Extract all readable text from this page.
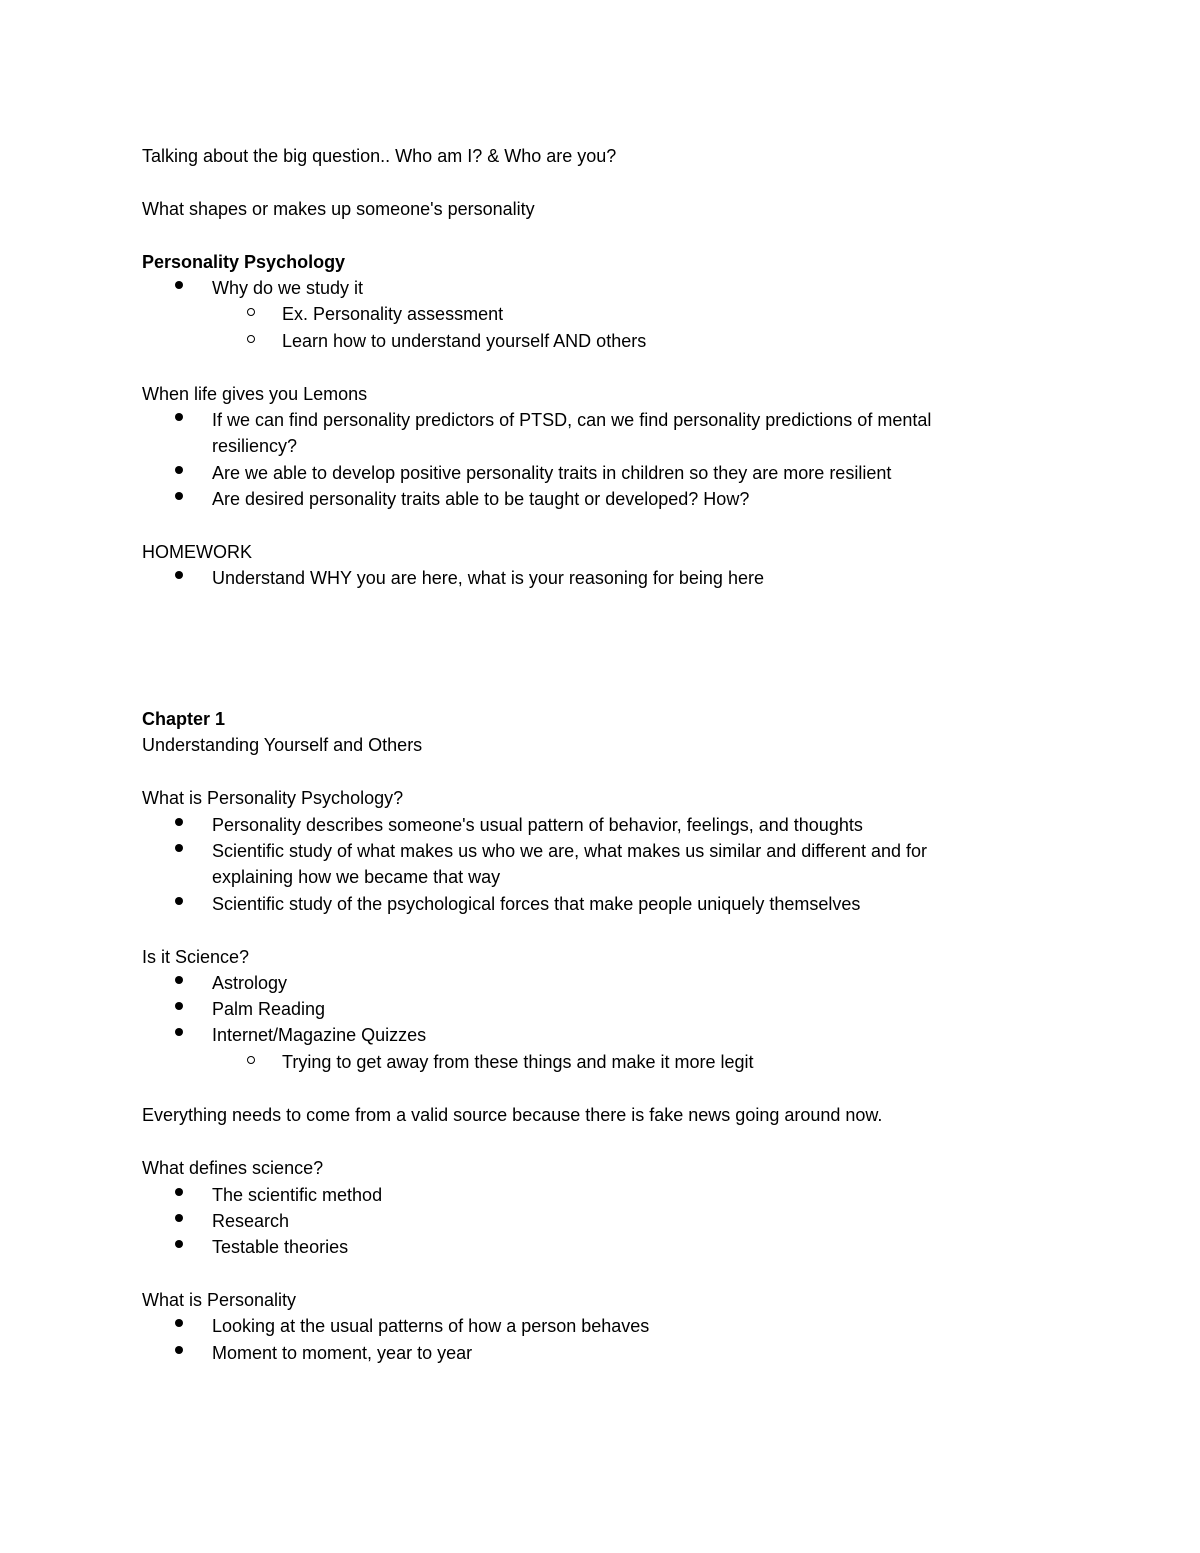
Talking about the big question.. Who am I? & Who are you?
What shapes or makes up someone's personality
Personality Psychology
Why do we study it
Ex. Personality assessment
Learn how to understand yourself AND others
When life gives you Lemons
If we can find personality predictors of PTSD, can we find personality predictions of mental
resiliency?
Are we able to develop positive personality traits in children so they are more resilient
Are desired personality traits able to be taught or developed? How?
HOMEWORK
Understand WHY you are here, what is your reasoning for being here
Chapter 1
Understanding Yourself and Others
What is Personality Psychology?
Personality describes someone's usual pattern of behavior, feelings, and thoughts
Scientific study of what makes us who we are, what makes us similar and different and for
explaining how we became that way
Scientific study of the psychological forces that make people uniquely themselves
Is it Science?
Astrology
Palm Reading
Internet/Magazine Quizzes
Trying to get away from these things and make it more legit
Everything needs to come from a valid source because there is fake news going around now.
What defines science?
The scientific method
Research
Testable theories
What is Personality
Looking at the usual patterns of how a person behaves
Moment to moment, year to year
